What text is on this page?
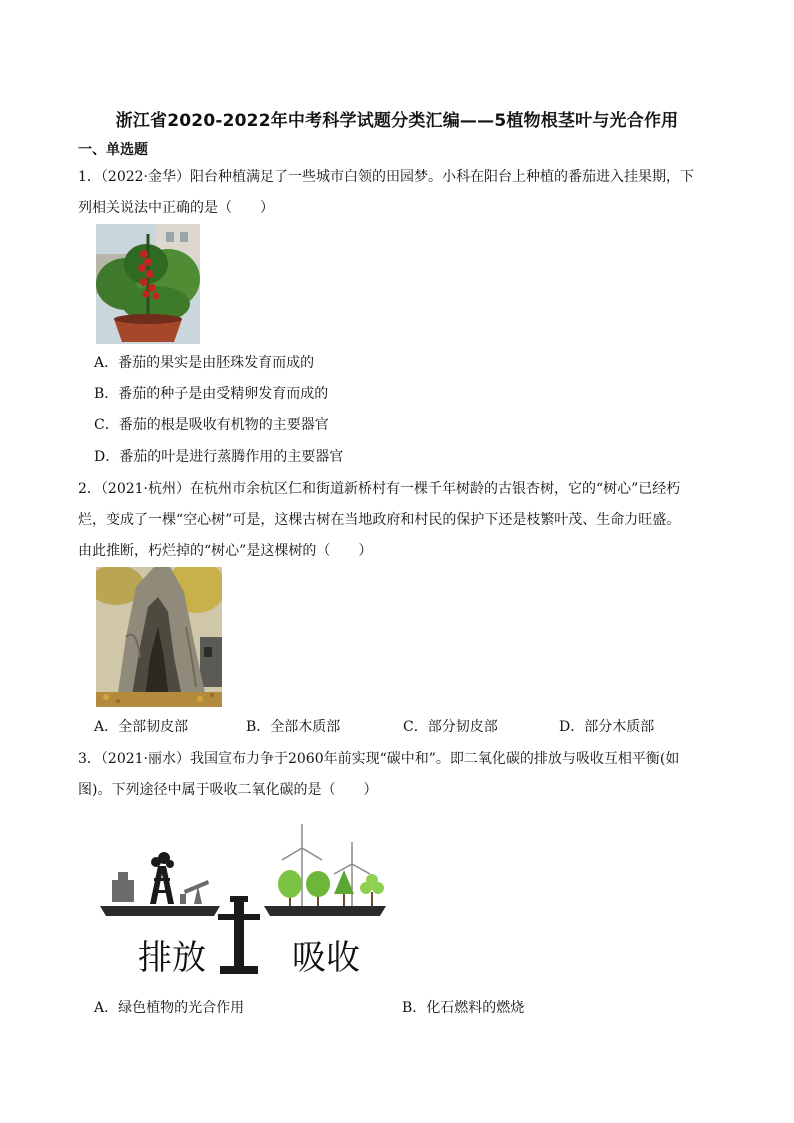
浙江省2020-2022年中考科学试题分类汇编——5植物根茎叶与光合作用
一、单选题
1．（2022·金华）阳台种植满足了一些城市白领的田园梦。小科在阳台上种植的番茄进入挂果期，下
列相关说法中正确的是（　　）
A．番茄的果实是由胚珠发育而成的
B．番茄的种子是由受精卵发育而成的
C．番茄的根是吸收有机物的主要器官
D．番茄的叶是进行蒸腾作用的主要器官
2．（2021·杭州）在杭州市余杭区仁和街道新桥村有一棵千年树龄的古银杏树，它的“树心”已经朽
烂，变成了一棵“空心树”可是，这棵古树在当地政府和村民的保护下还是枝繁叶茂、生命力旺盛。
由此推断，朽烂掉的“树心”是这棵树的（　　）
A．全部韧皮部	B．全部木质部	C．部分韧皮部	D．部分木质部
3．（2021·丽水）我国宣布力争于2060年前实现“碳中和”。即二氧化碳的排放与吸收互相平衡(如
图)。下列途径中属于吸收二氧化碳的是（　　）
排放	吸收
A．绿色植物的光合作用	B．化石燃料的燃烧
